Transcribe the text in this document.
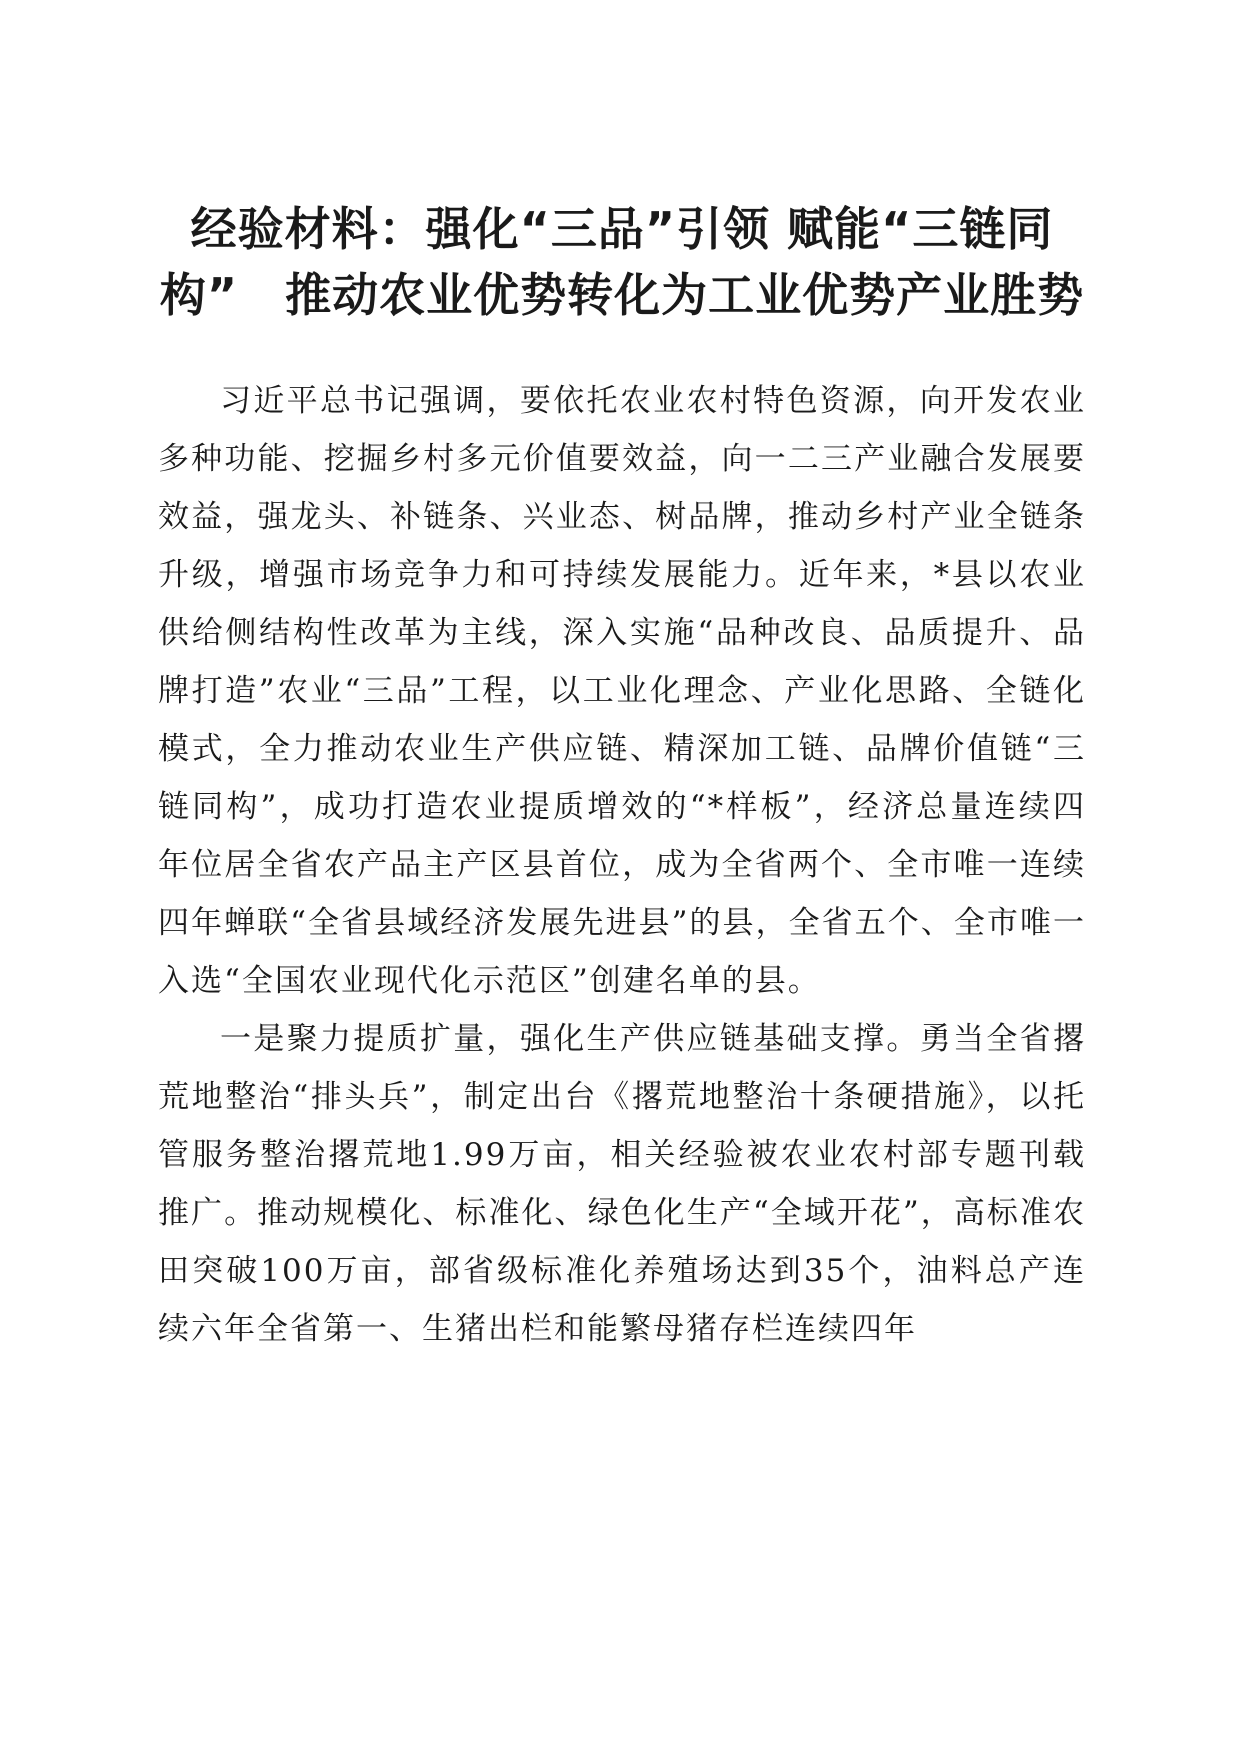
经验材料：强化“三品”引领 赋能“三链同
构”　推动农业优势转化为工业优势产业胜势

习近平总书记强调，要依托农业农村特色资源，向开发农业多种功能、挖掘乡村多元价值要效益，向一二三产业融合发展要效益，强龙头、补链条、兴业态、树品牌，推动乡村产业全链条升级，增强市场竞争力和可持续发展能力。近年来，*县以农业供给侧结构性改革为主线，深入实施“品种改良、品质提升、品牌打造”农业“三品”工程，以工业化理念、产业化思路、全链化模式，全力推动农业生产供应链、精深加工链、品牌价值链“三链同构”，成功打造农业提质增效的“*样板”，经济总量连续四年位居全省农产品主产区县首位，成为全省两个、全市唯一连续四年蝉联“全省县域经济发展先进县”的县，全省五个、全市唯一入选“全国农业现代化示范区”创建名单的县。

一是聚力提质扩量，强化生产供应链基础支撑。勇当全省撂荒地整治“排头兵”，制定出台《撂荒地整治十条硬措施》，以托管服务整治撂荒地1.99万亩，相关经验被农业农村部专题刊载推广。推动规模化、标准化、绿色化生产“全域开花”，高标准农田突破100万亩，部省级标准化养殖场达到35个，油料总产连续六年全省第一、生猪出栏和能繁母猪存栏连续四年
